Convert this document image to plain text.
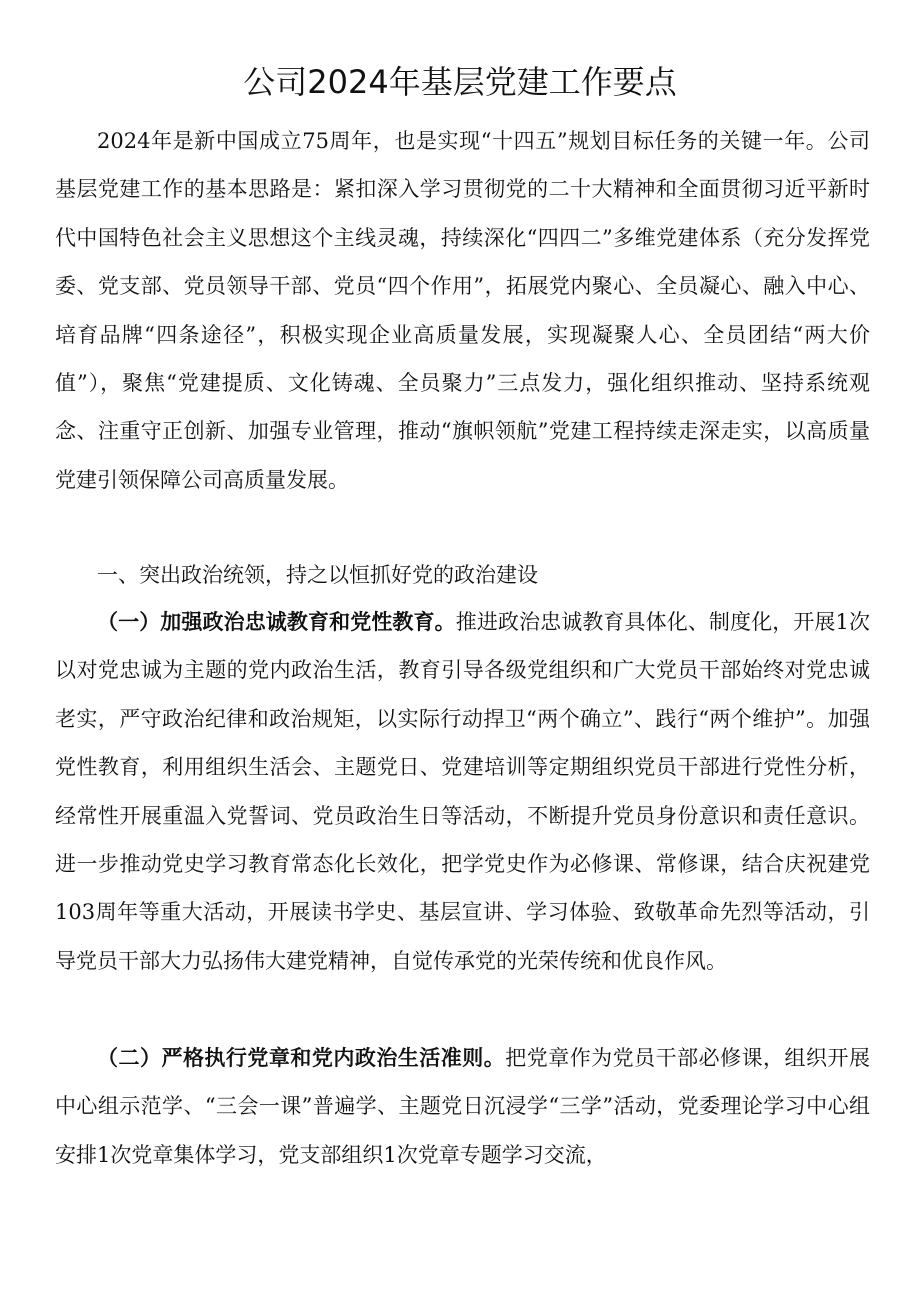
公司2024年基层党建工作要点

2024年是新中国成立75周年，也是实现“十四五”规划目标任务的关键一年。公司基层党建工作的基本思路是：紧扣深入学习贯彻党的二十大精神和全面贯彻习近平新时代中国特色社会主义思想这个主线灵魂，持续深化“四四二”多维党建体系（充分发挥党委、党支部、党员领导干部、党员“四个作用”，拓展党内聚心、全员凝心、融入中心、培育品牌“四条途径”，积极实现企业高质量发展，实现凝聚人心、全员团结“两大价值”），聚焦“党建提质、文化铸魂、全员聚力”三点发力，强化组织推动、坚持系统观念、注重守正创新、加强专业管理，推动“旗帜领航”党建工程持续走深走实，以高质量党建引领保障公司高质量发展。

一、突出政治统领，持之以恒抓好党的政治建设

（一）加强政治忠诚教育和党性教育。推进政治忠诚教育具体化、制度化，开展1次以对党忠诚为主题的党内政治生活，教育引导各级党组织和广大党员干部始终对党忠诚老实，严守政治纪律和政治规矩，以实际行动捍卫“两个确立”、践行“两个维护”。加强党性教育，利用组织生活会、主题党日、党建培训等定期组织党员干部进行党性分析，经常性开展重温入党誓词、党员政治生日等活动，不断提升党员身份意识和责任意识。进一步推动党史学习教育常态化长效化，把学党史作为必修课、常修课，结合庆祝建党103周年等重大活动，开展读书学史、基层宣讲、学习体验、致敬革命先烈等活动，引导党员干部大力弘扬伟大建党精神，自觉传承党的光荣传统和优良作风。

（二）严格执行党章和党内政治生活准则。把党章作为党员干部必修课，组织开展中心组示范学、“三会一课”普遍学、主题党日沉浸学“三学”活动，党委理论学习中心组安排1次党章集体学习，党支部组织1次党章专题学习交流，
